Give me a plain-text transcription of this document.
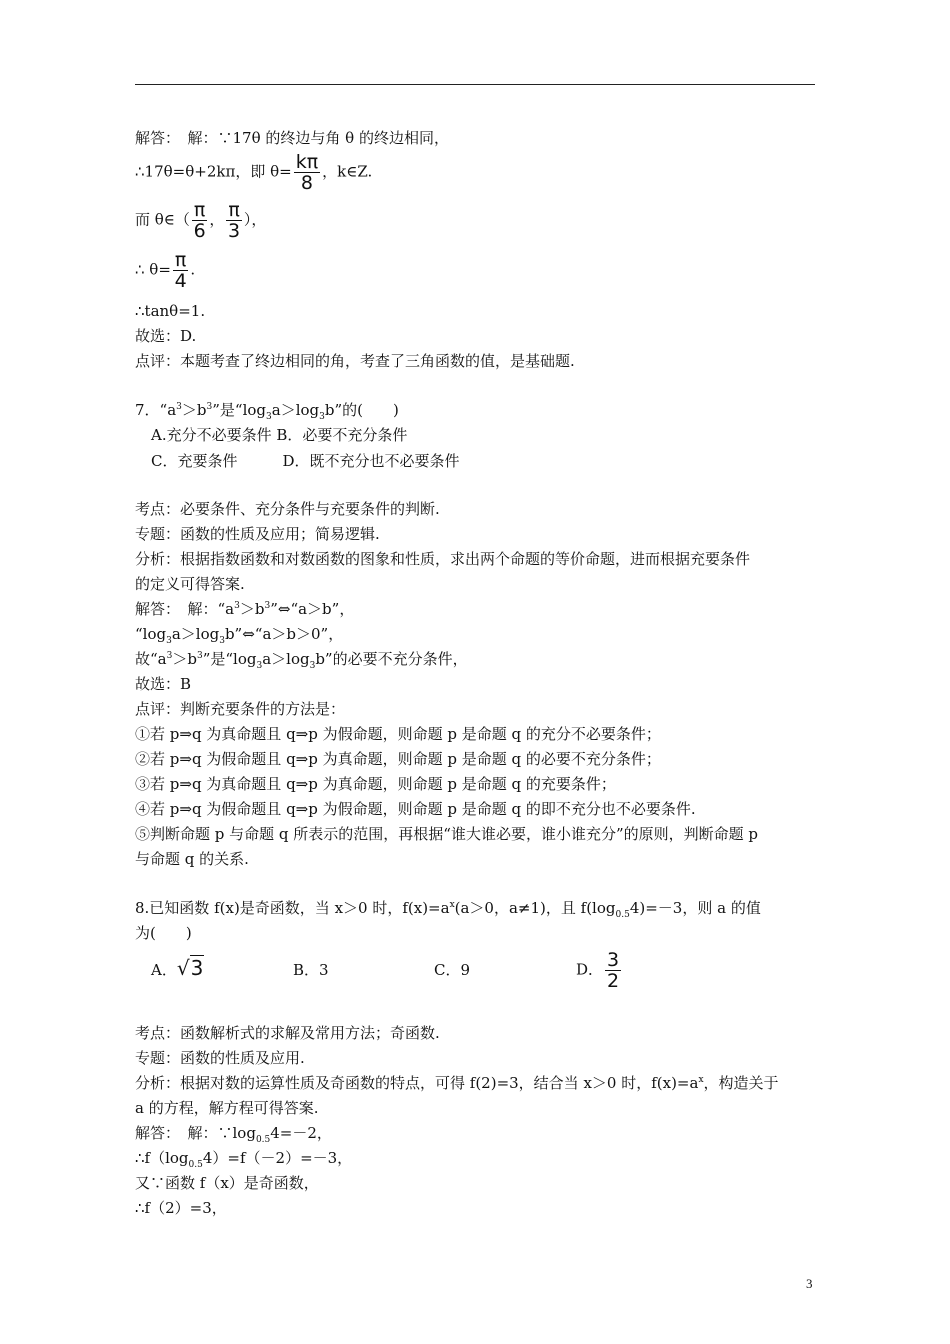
解答：　解：∵17θ 的终边与角 θ 的终边相同，
∴17θ=θ+2kπ，即 $\theta= \frac{k\pi}{8}$ ，k∈Z.
而 θ∈（ $\frac{\pi}{6}$ ， $\frac{\pi}{3}$ ），
∴ $\theta= \frac{\pi}{4}$ .
∴tanθ=1.
故选：D.
点评：本题考查了终边相同的角，考查了三角函数的值，是基础题.
7．“$a^3>b^3$”是“$\log_3a>\log_3b$”的(　　)
A.充分不必要条件 B．必要不充分条件
C．充要条件　　　D．既不充分也不必要条件
考点：必要条件、充分条件与充要条件的判断.
专题：函数的性质及应用；简易逻辑.
分析：根据指数函数和对数函数的图象和性质，求出两个命题的等价命题，进而根据充要条件
的定义可得答案.
解答：　解：“$a^3>b^3”\Leftrightarrow“a>b$”，
“$\log_3a>\log_3b”\Leftrightarrow“a>b>0$”，
故“$a^3>b^3$”是“$\log_3a>\log_3b$”的必要不充分条件，
故选：B
点评：判断充要条件的方法是：
①若 p⇒q 为真命题且 q⇒p 为假命题，则命题 p 是命题 q 的充分不必要条件；
②若 p⇒q 为假命题且 q⇒p 为真命题，则命题 p 是命题 q 的必要不充分条件；
③若 p⇒q 为真命题且 q⇒p 为真命题，则命题 p 是命题 q 的充要条件；
④若 p⇒q 为假命题且 q⇒p 为假命题，则命题 p 是命题 q 的即不充分也不必要条件.
⑤判断命题 p 与命题 q 所表示的范围，再根据“谁大谁必要，谁小谁充分”的原则，判断命题 p
与命题 q 的关系.
8.已知函数 f(x)是奇函数，当 x＞0 时，$f(x)=a^x(a>0$，a≠1)，且 $f(\log_{0.5}4)=-3$，则 a 的值
为(　　)
A．√3	B．3	C．9	D． $\frac{3}{2}$
考点：函数解析式的求解及常用方法；奇函数.
专题：函数的性质及应用.
分析：根据对数的运算性质及奇函数的特点，可得 f(2)=3，结合当 x＞0 时，$f(x)=a^x$，构造关于
a 的方程，解方程可得答案.
解答：　解：$\because\log_{0.5}4=-2$，
$\therefore f(\log_{0.5}4)=f(-2)=-3$，
又∵函数 f（x）是奇函数，
∴f（2）=3，
3
